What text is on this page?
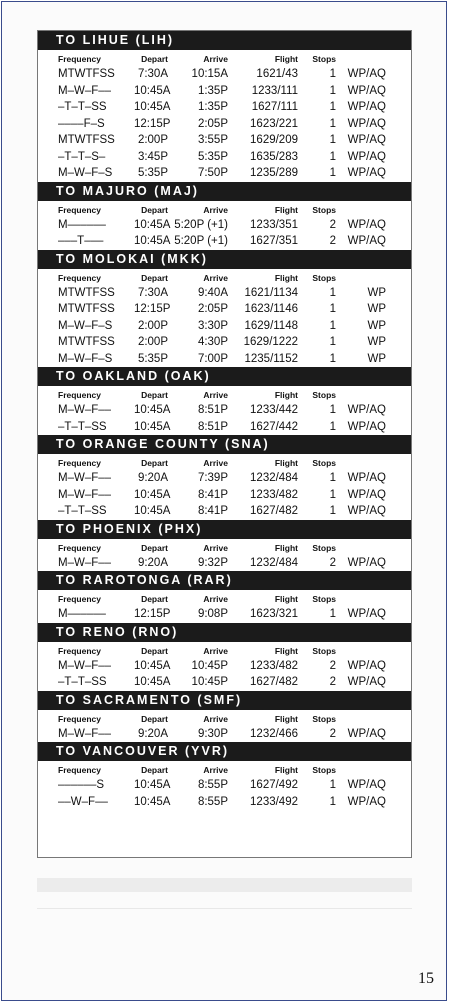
TO LIHUE (LIH)
Frequency	Depart	Arrive	Flight	Stops
MTWTFSS	7:30A	10:15A	1621/43	1	WP/AQ
M–W–F––	10:45A	1:35P	1233/111	1	WP/AQ
–T–T–SS	10:45A	1:35P	1627/111	1	WP/AQ
––––F–S	12:15P	2:05P	1623/221	1	WP/AQ
MTWTFSS	2:00P	3:55P	1629/209	1	WP/AQ
–T–T–S–	3:45P	5:35P	1635/283	1	WP/AQ
M–W–F–S	5:35P	7:50P	1235/289	1	WP/AQ
TO MAJURO (MAJ)
Frequency	Depart	Arrive	Flight	Stops
M––––––	10:45A 5:20P (+1)	1233/351	2	WP/AQ
–––T–––	10:45A 5:20P (+1)	1627/351	2	WP/AQ
TO MOLOKAI (MKK)
Frequency	Depart	Arrive	Flight	Stops
MTWTFSS	7:30A	9:40A	1621/1134	1	WP
MTWTFSS	12:15P	2:05P	1623/1146	1	WP
M–W–F–S	2:00P	3:30P	1629/1148	1	WP
MTWTFSS	2:00P	4:30P	1629/1222	1	WP
M–W–F–S	5:35P	7:00P	1235/1152	1	WP
TO OAKLAND (OAK)
Frequency	Depart	Arrive	Flight	Stops
M–W–F––	10:45A	8:51P	1233/442	1	WP/AQ
–T–T–SS	10:45A	8:51P	1627/442	1	WP/AQ
TO ORANGE COUNTY (SNA)
Frequency	Depart	Arrive	Flight	Stops
M–W–F––	9:20A	7:39P	1232/484	1	WP/AQ
M–W–F––	10:45A	8:41P	1233/482	1	WP/AQ
–T–T–SS	10:45A	8:41P	1627/482	1	WP/AQ
TO PHOENIX (PHX)
Frequency	Depart	Arrive	Flight	Stops
M–W–F––	9:20A	9:32P	1232/484	2	WP/AQ
TO RAROTONGA (RAR)
Frequency	Depart	Arrive	Flight	Stops
M––––––	12:15P	9:08P	1623/321	1	WP/AQ
TO RENO (RNO)
Frequency	Depart	Arrive	Flight	Stops
M–W–F––	10:45A	10:45P	1233/482	2	WP/AQ
–T–T–SS	10:45A	10:45P	1627/482	2	WP/AQ
TO SACRAMENTO (SMF)
Frequency	Depart	Arrive	Flight	Stops
M–W–F––	9:20A	9:30P	1232/466	2	WP/AQ
TO VANCOUVER (YVR)
Frequency	Depart	Arrive	Flight	Stops
––––––S	10:45A	8:55P	1627/492	1	WP/AQ
––W–F––	10:45A	8:55P	1233/492	1	WP/AQ
15
